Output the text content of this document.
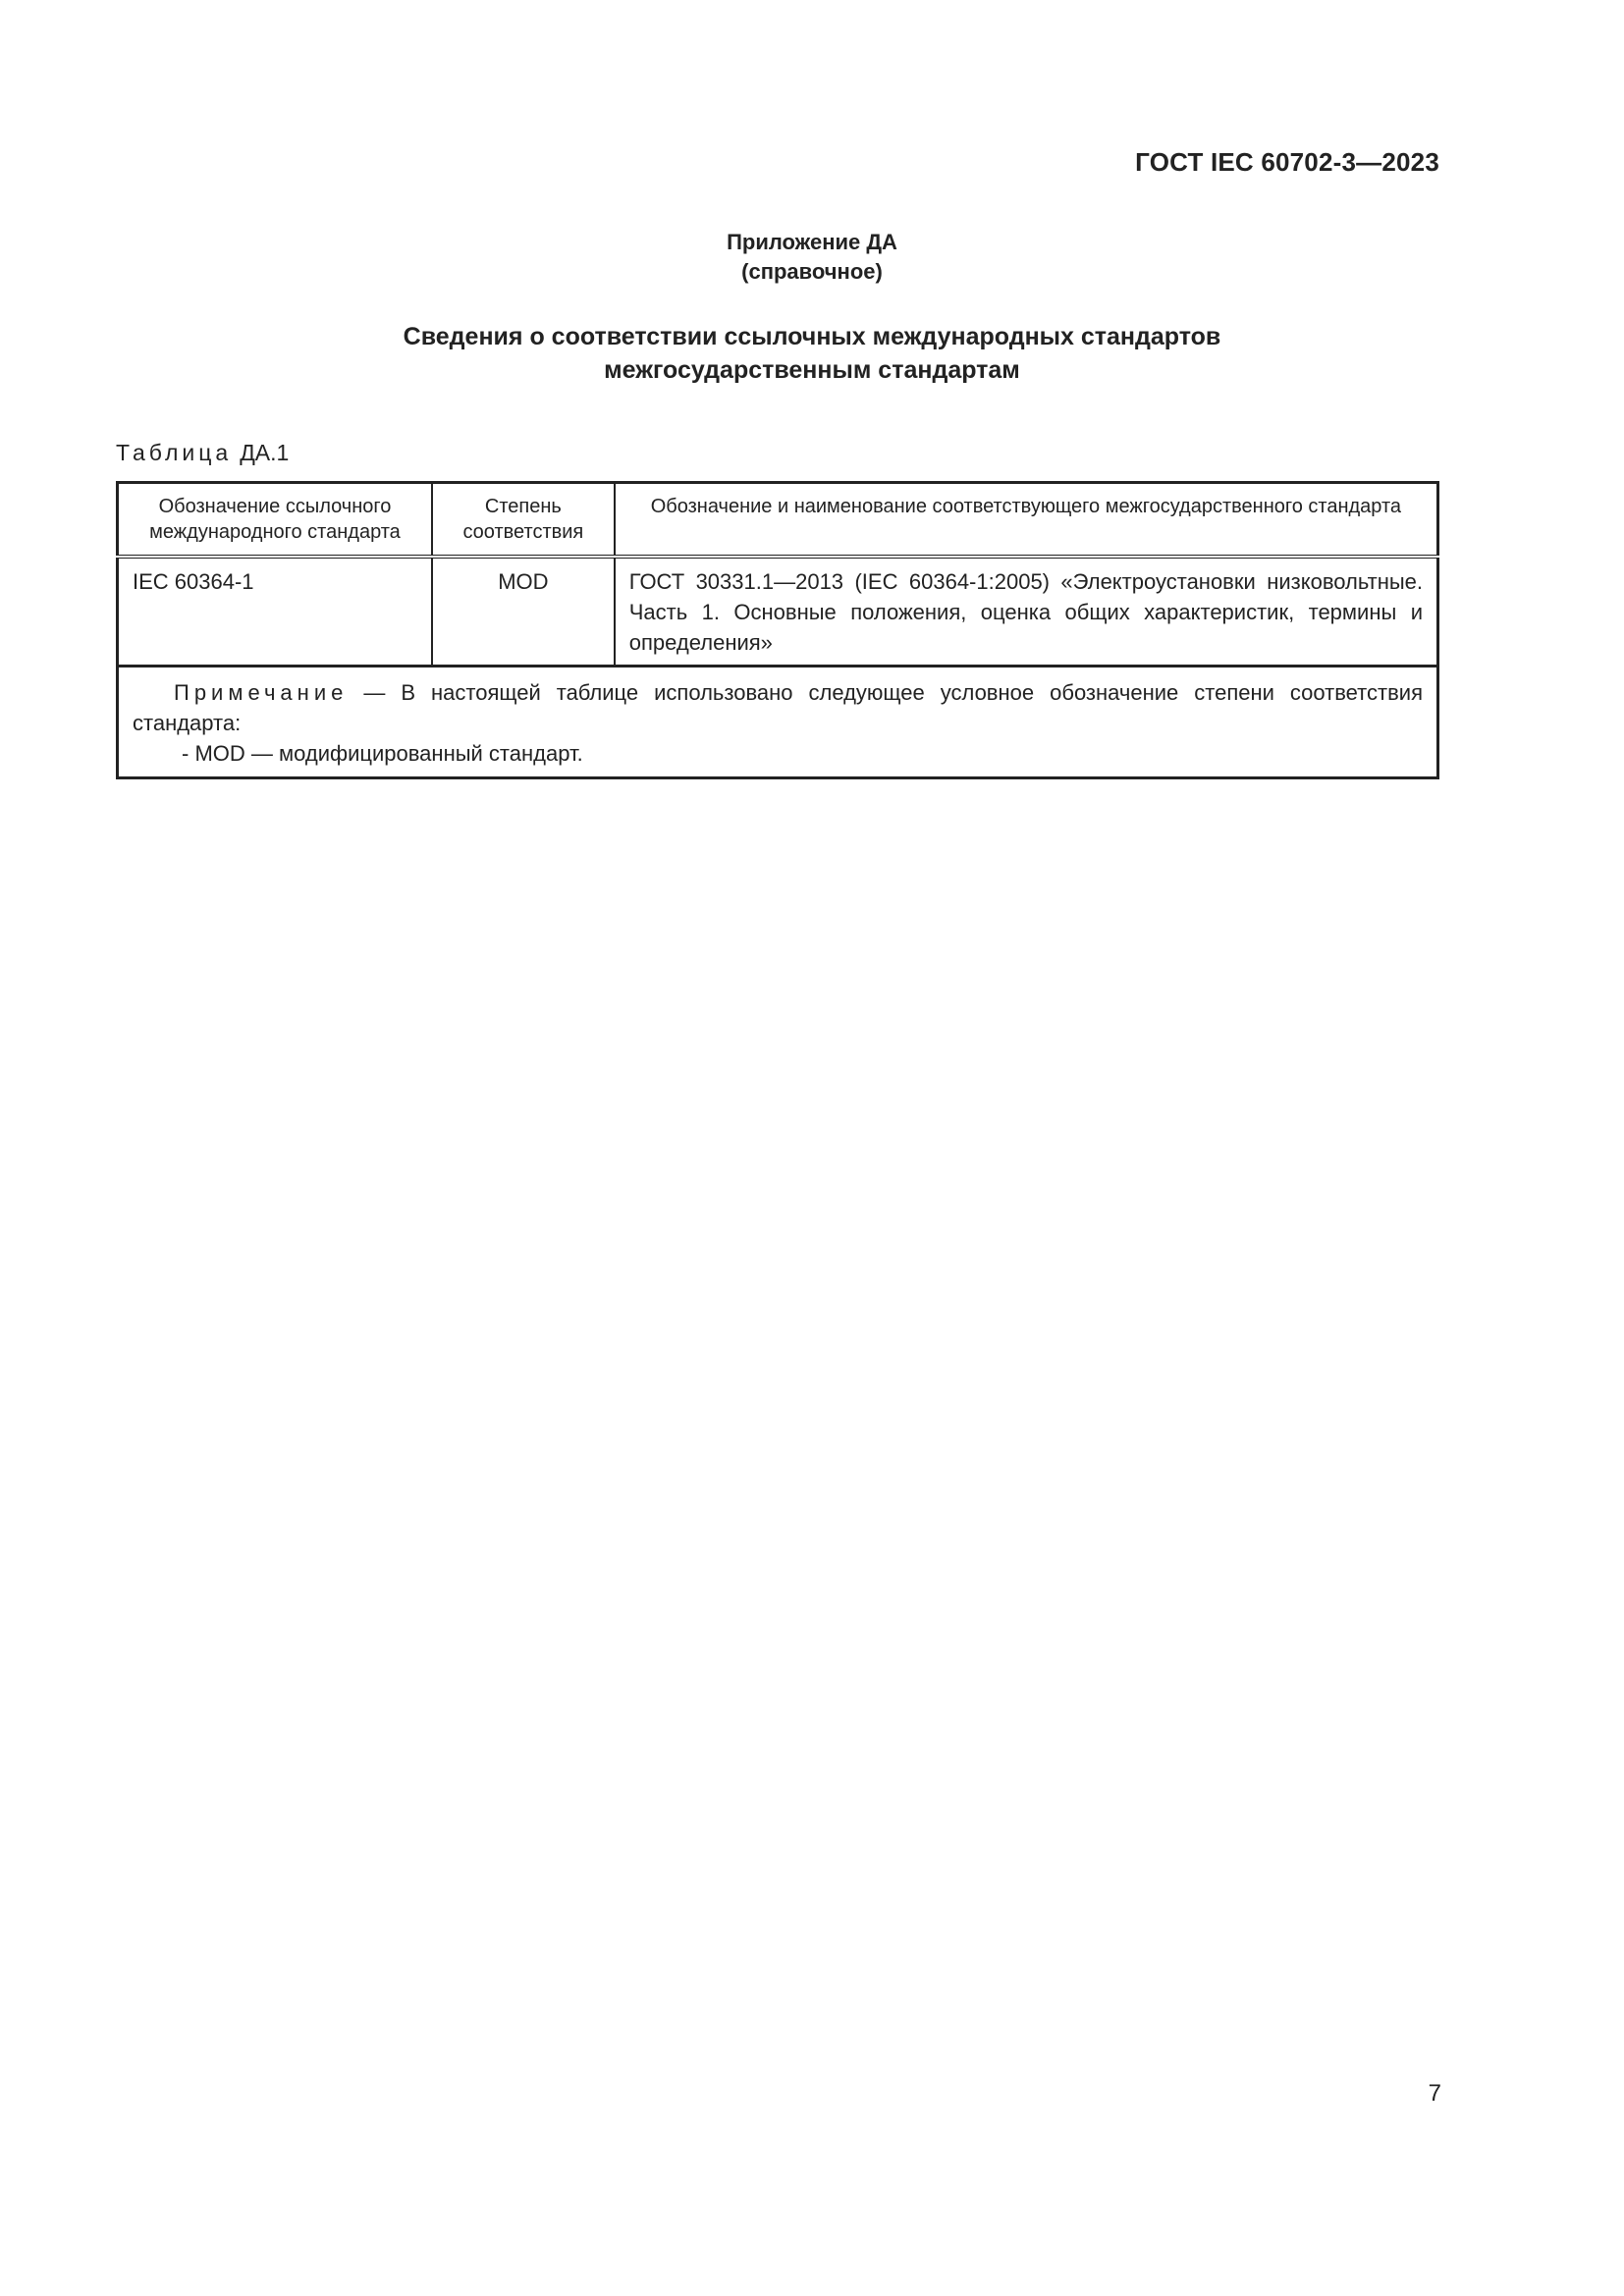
ГОСТ IEC 60702-3—2023
Приложение ДА
(справочное)
Сведения о соответствии ссылочных международных стандартов
межгосударственным стандартам
Таблица ДА.1
Обозначение ссылочного международного стандарта	Степень соответствия	Обозначение и наименование соответствующего межгосударственного стандарта
IEC 60364-1	MOD	ГОСТ 30331.1—2013 (IEC 60364-1:2005) «Электроустановки низковольтные. Часть 1. Основные положения, оценка общих характеристик, термины и определения»
Примечание — В настоящей таблице использовано следующее условное обозначение степени соответствия стандарта:
- MOD — модифицированный стандарт.		
7
